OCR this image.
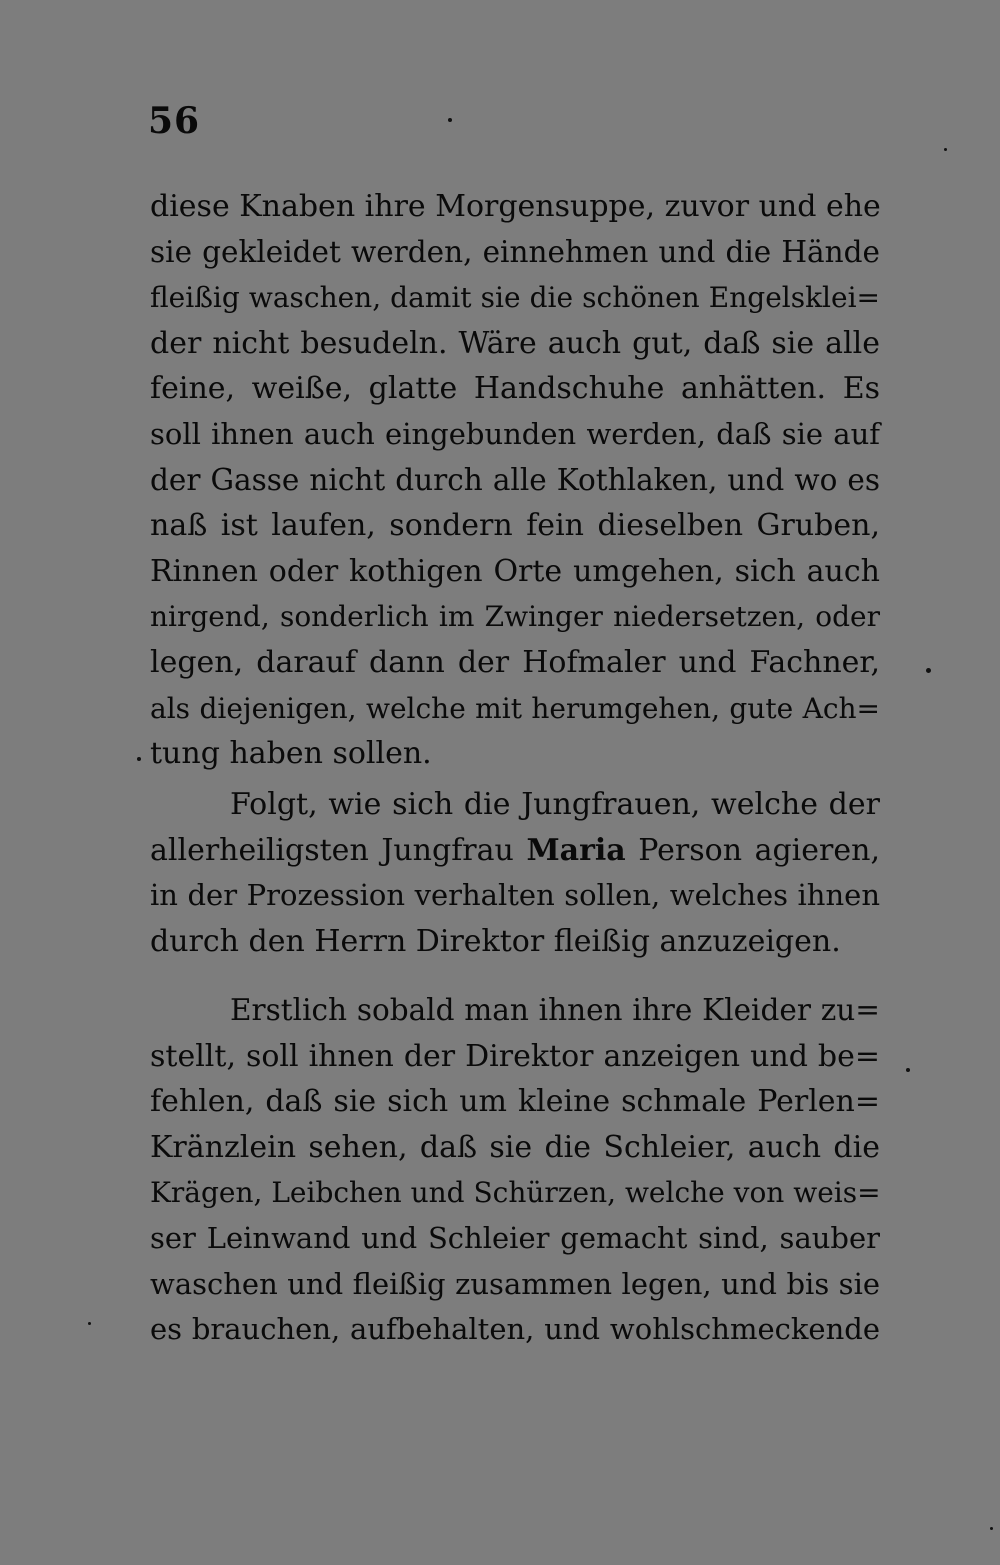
56
diese Knaben ihre Morgensuppe, zuvor und ehe
sie gekleidet werden, einnehmen und die Hände
fleißig waschen, damit sie die schönen Engelsklei=
der nicht besudeln. Wäre auch gut, daß sie alle
feine, weiße, glatte Handschuhe anhätten. Es
soll ihnen auch eingebunden werden, daß sie auf
der Gasse nicht durch alle Kothlaken, und wo es
naß ist laufen, sondern fein dieselben Gruben,
Rinnen oder kothigen Orte umgehen, sich auch
nirgend, sonderlich im Zwinger niedersetzen, oder
legen, darauf dann der Hofmaler und Fachner,
als diejenigen, welche mit herumgehen, gute Ach=
tung haben sollen.
Folgt, wie sich die Jungfrauen, welche der
allerheiligsten Jungfrau Maria Person agieren,
in der Prozession verhalten sollen, welches ihnen
durch den Herrn Direktor fleißig anzuzeigen.
Erstlich sobald man ihnen ihre Kleider zu=
stellt, soll ihnen der Direktor anzeigen und be=
fehlen, daß sie sich um kleine schmale Perlen=
Kränzlein sehen, daß sie die Schleier, auch die
Krägen, Leibchen und Schürzen, welche von weis=
ser Leinwand und Schleier gemacht sind, sauber
waschen und fleißig zusammen legen, und bis sie
es brauchen, aufbehalten, und wohlschmeckende
